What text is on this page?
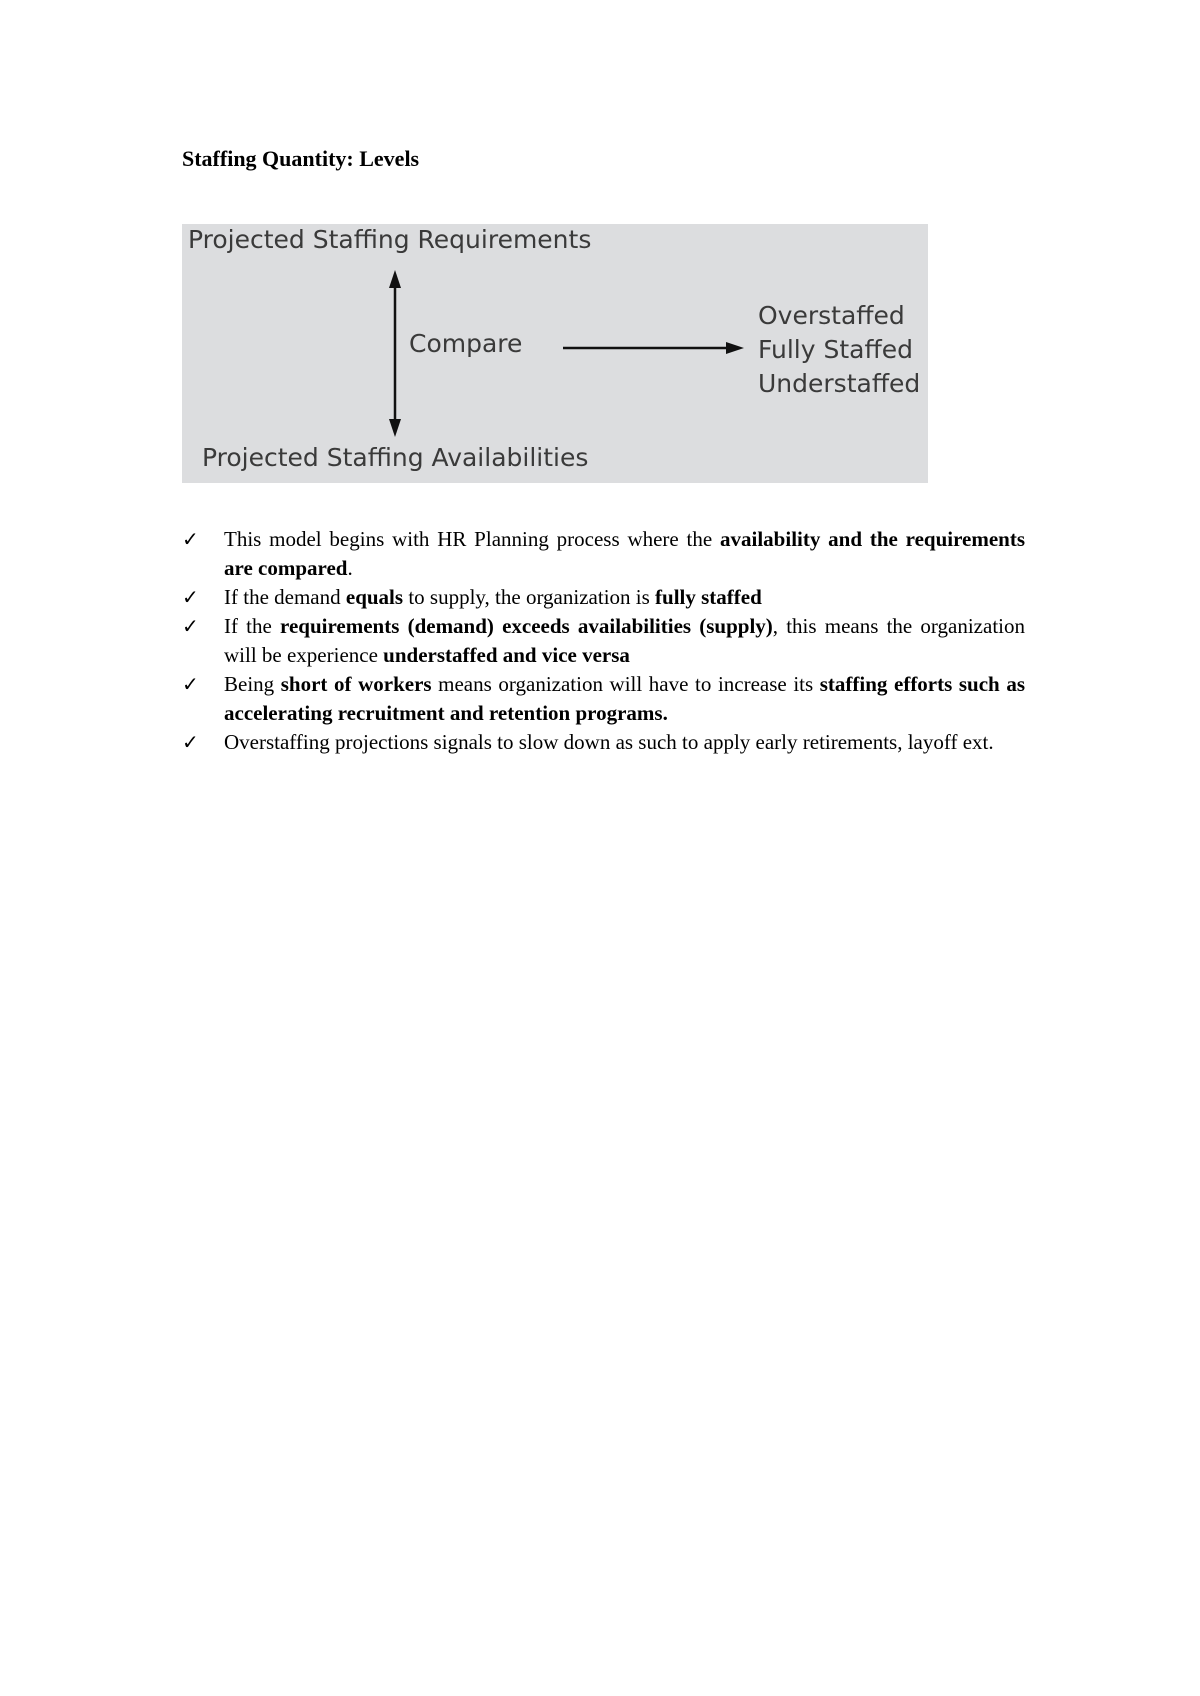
Staffing Quantity: Levels
Projected Staffing Requirements
Compare
Overstaffed
Fully Staffed
Understaffed
Projected Staffing Availabilities
✓ This model begins with HR Planning process where the availability and the requirements are compared.
✓ If the demand equals to supply, the organization is fully staffed
✓ If the requirements (demand) exceeds availabilities (supply), this means the organization will be experience understaffed and vice versa
✓ Being short of workers means organization will have to increase its staffing efforts such as accelerating recruitment and retention programs.
✓ Overstaffing projections signals to slow down as such to apply early retirements, layoff ext.
